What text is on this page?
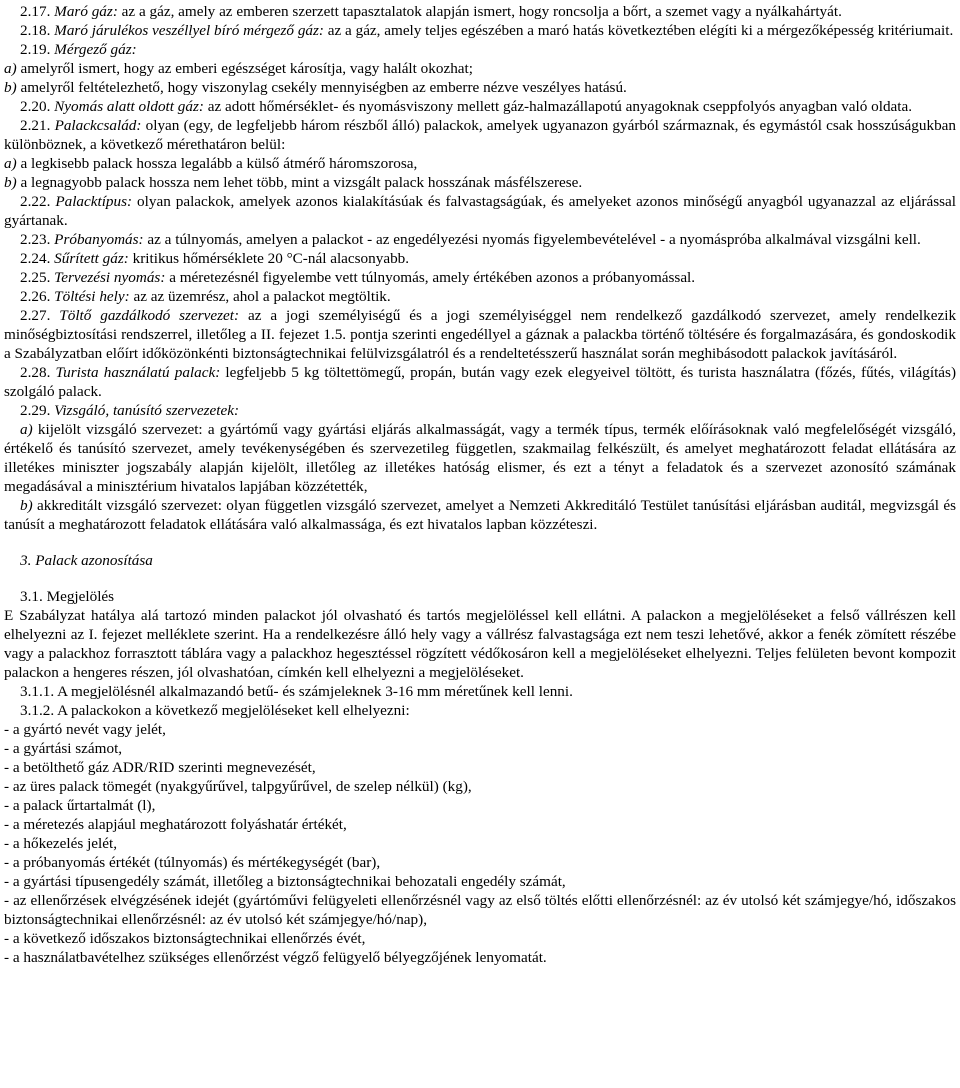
2.17. Maró gáz: az a gáz, amely az emberen szerzett tapasztalatok alapján ismert, hogy roncsolja a bőrt, a szemet vagy a nyálkahártyát.

2.18. Maró járulékos veszéllyel bíró mérgező gáz: az a gáz, amely teljes egészében a maró hatás következtében elégíti ki a mérgezőképesség kritériumait.

2.19. Mérgező gáz:

a) amelyről ismert, hogy az emberi egészséget károsítja, vagy halált okozhat;

b) amelyről feltételezhető, hogy viszonylag csekély mennyiségben az emberre nézve veszélyes hatású.

2.20. Nyomás alatt oldott gáz: az adott hőmérséklet- és nyomásviszony mellett gáz-halmazállapotú anyagoknak cseppfolyós anyagban való oldata.

2.21. Palackcsalád: olyan (egy, de legfeljebb három részből álló) palackok, amelyek ugyanazon gyárból származnak, és egymástól csak hosszúságukban különböznek, a következő mérethatáron belül:

a) a legkisebb palack hossza legalább a külső átmérő háromszorosa,

b) a legnagyobb palack hossza nem lehet több, mint a vizsgált palack hosszának másfélszerese.

2.22. Palacktípus: olyan palackok, amelyek azonos kialakításúak és falvastagságúak, és amelyeket azonos minőségű anyagból ugyanazzal az eljárással gyártanak.

2.23. Próbanyomás: az a túlnyomás, amelyen a palackot - az engedélyezési nyomás figyelembevételével - a nyomáspróba alkalmával vizsgálni kell.

2.24. Sűrített gáz: kritikus hőmérséklete 20 °C-nál alacsonyabb.

2.25. Tervezési nyomás: a méretezésnél figyelembe vett túlnyomás, amely értékében azonos a próbanyomással.

2.26. Töltési hely: az az üzemrész, ahol a palackot megtöltik.

2.27. Töltő gazdálkodó szervezet: az a jogi személyiségű és a jogi személyiséggel nem rendelkező gazdálkodó szervezet, amely rendelkezik minőségbiztosítási rendszerrel, illetőleg a II. fejezet 1.5. pontja szerinti engedéllyel a gáznak a palackba történő töltésére és forgalmazására, és gondoskodik a Szabályzatban előírt időközönkénti biztonságtechnikai felülvizsgálatról és a rendeltetésszerű használat során meghibásodott palackok javításáról.

2.28. Turista használatú palack: legfeljebb 5 kg töltettömegű, propán, bután vagy ezek elegyeivel töltött, és turista használatra (főzés, fűtés, világítás) szolgáló palack.

2.29. Vizsgáló, tanúsító szervezetek:

a) kijelölt vizsgáló szervezet: a gyártómű vagy gyártási eljárás alkalmasságát, vagy a termék típus, termék előírásoknak való megfelelőségét vizsgáló, értékelő és tanúsító szervezet, amely tevékenységében és szervezetileg független, szakmailag felkészült, és amelyet meghatározott feladat ellátására az illetékes miniszter jogszabály alapján kijelölt, illetőleg az illetékes hatóság elismer, és ezt a tényt a feladatok és a szervezet azonosító számának megadásával a minisztérium hivatalos lapjában közzétették,

b) akkreditált vizsgáló szervezet: olyan független vizsgáló szervezet, amelyet a Nemzeti Akkreditáló Testület tanúsítási eljárásban auditál, megvizsgál és tanúsít a meghatározott feladatok ellátására való alkalmassága, és ezt hivatalos lapban közzéteszi.

3. Palack azonosítása

3.1. Megjelölés

E Szabályzat hatálya alá tartozó minden palackot jól olvasható és tartós megjelöléssel kell ellátni. A palackon a megjelöléseket a felső vállrészen kell elhelyezni az I. fejezet melléklete szerint. Ha a rendelkezésre álló hely vagy a vállrész falvastagsága ezt nem teszi lehetővé, akkor a fenék zömített részébe vagy a palackhoz forrasztott táblára vagy a palackhoz hegesztéssel rögzített védőkosáron kell a megjelöléseket elhelyezni. Teljes felületen bevont kompozit palackon a hengeres részen, jól olvashatóan, címkén kell elhelyezni a megjelöléseket.

3.1.1. A megjelölésnél alkalmazandó betű- és számjeleknek 3-16 mm méretűnek kell lenni.

3.1.2. A palackokon a következő megjelöléseket kell elhelyezni:

- a gyártó nevét vagy jelét,

- a gyártási számot,

- a betölthető gáz ADR/RID szerinti megnevezését,

- az üres palack tömegét (nyakgyűrűvel, talpgyűrűvel, de szelep nélkül) (kg),

- a palack űrtartalmát (l),

- a méretezés alapjául meghatározott folyáshatár értékét,

- a hőkezelés jelét,

- a próbanyomás értékét (túlnyomás) és mértékegységét (bar),

- a gyártási típusengedély számát, illetőleg a biztonságtechnikai behozatali engedély számát,

- az ellenőrzések elvégzésének idejét (gyártóművi felügyeleti ellenőrzésnél vagy az első töltés előtti ellenőrzésnél: az év utolsó két számjegye/hó, időszakos biztonságtechnikai ellenőrzésnél: az év utolsó két számjegye/hó/nap),

- a következő időszakos biztonságtechnikai ellenőrzés évét,

- a használatbavételhez szükséges ellenőrzést végző felügyelő bélyegzőjének lenyomatát.
